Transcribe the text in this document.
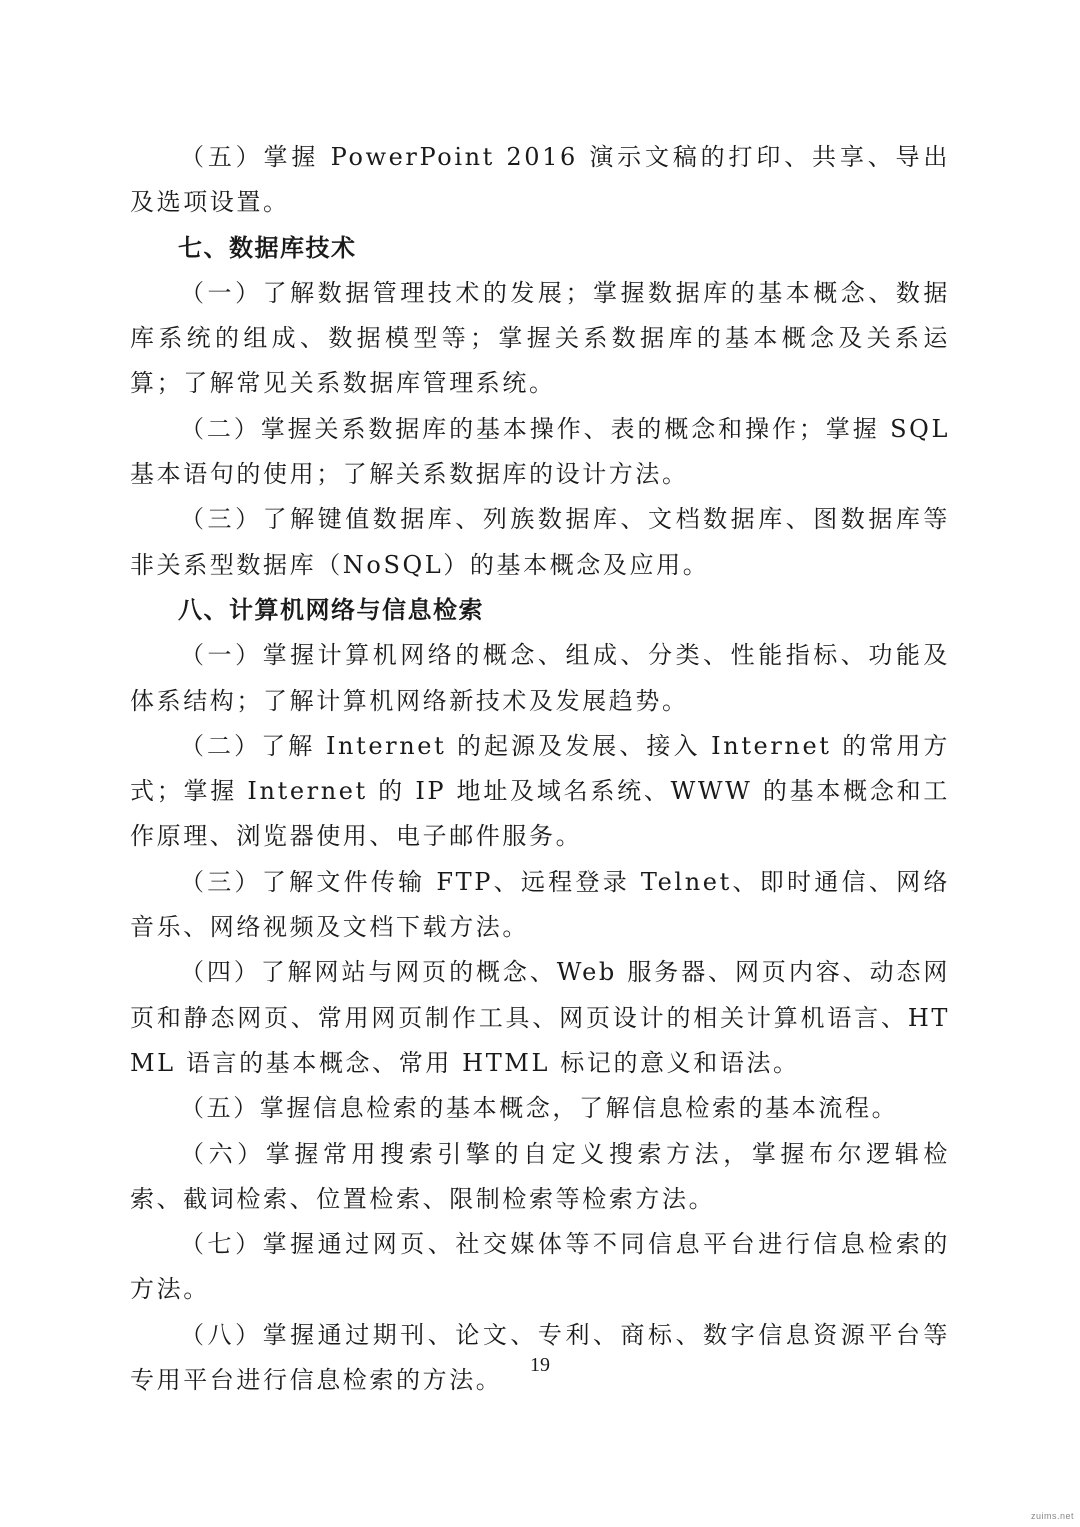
（五）掌握 PowerPoint 2016 演示文稿的打印、共享、导出及选项设置。

七、数据库技术

（一）了解数据管理技术的发展；掌握数据库的基本概念、数据库系统的组成、数据模型等；掌握关系数据库的基本概念及关系运算；了解常见关系数据库管理系统。

（二）掌握关系数据库的基本操作、表的概念和操作；掌握 SQL 基本语句的使用；了解关系数据库的设计方法。

（三）了解键值数据库、列族数据库、文档数据库、图数据库等非关系型数据库（NoSQL）的基本概念及应用。

八、计算机网络与信息检索

（一）掌握计算机网络的概念、组成、分类、性能指标、功能及体系结构；了解计算机网络新技术及发展趋势。

（二）了解 Internet 的起源及发展、接入 Internet 的常用方式；掌握 Internet 的 IP 地址及域名系统、WWW 的基本概念和工作原理、浏览器使用、电子邮件服务。

（三）了解文件传输 FTP、远程登录 Telnet、即时通信、网络音乐、网络视频及文档下载方法。

（四）了解网站与网页的概念、Web 服务器、网页内容、动态网页和静态网页、常用网页制作工具、网页设计的相关计算机语言、HTML 语言的基本概念、常用 HTML 标记的意义和语法。

（五）掌握信息检索的基本概念，了解信息检索的基本流程。

（六）掌握常用搜索引擎的自定义搜索方法，掌握布尔逻辑检索、截词检索、位置检索、限制检索等检索方法。

（七）掌握通过网页、社交媒体等不同信息平台进行信息检索的方法。

（八）掌握通过期刊、论文、专利、商标、数字信息资源平台等专用平台进行信息检索的方法。

19
zuims.net
